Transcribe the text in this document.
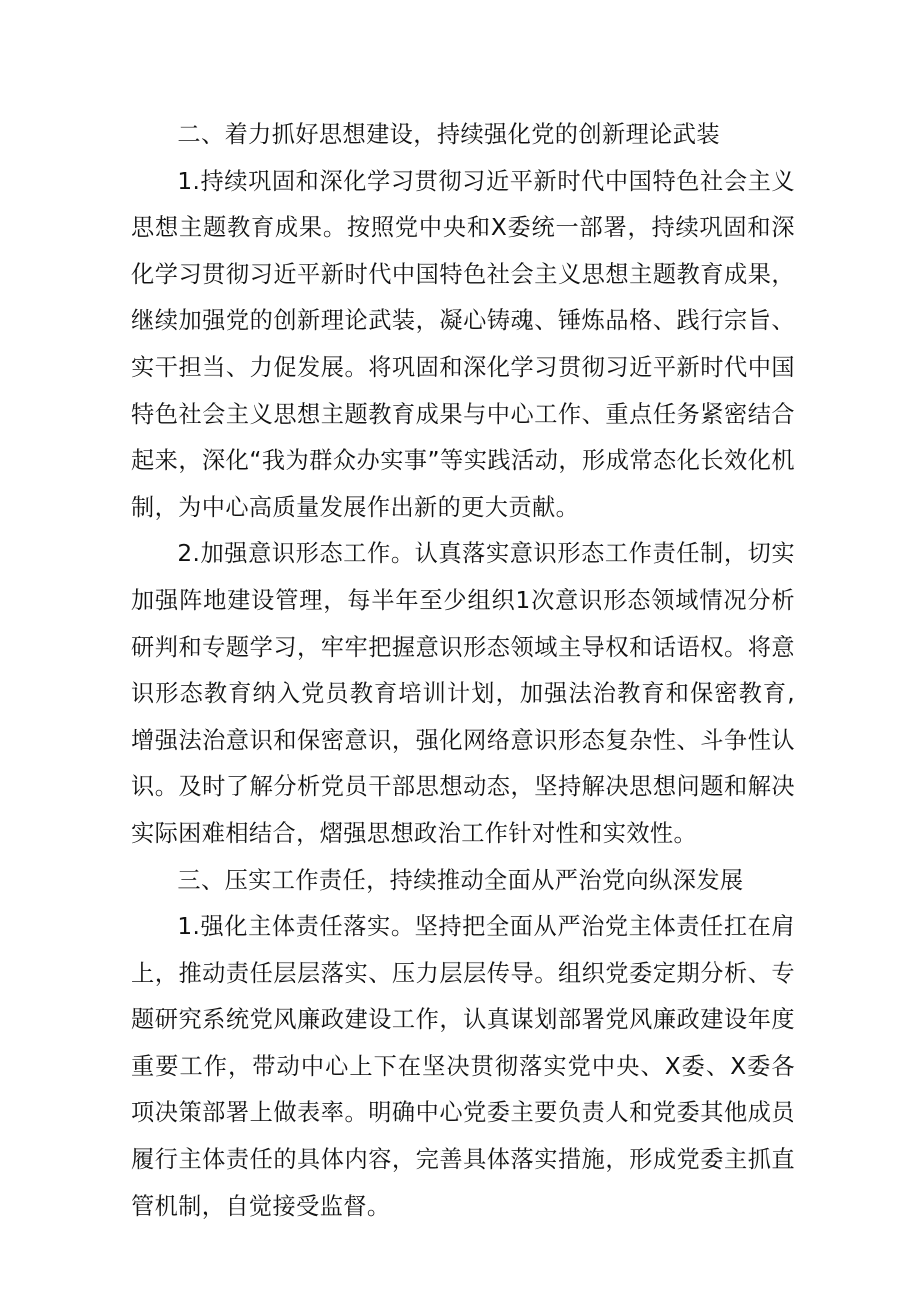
二、着力抓好思想建设，持续强化党的创新理论武装

1.持续巩固和深化学习贯彻习近平新时代中国特色社会主义思想主题教育成果。按照党中央和X委统一部署，持续巩固和深化学习贯彻习近平新时代中国特色社会主义思想主题教育成果，继续加强党的创新理论武装，凝心铸魂、锤炼品格、践行宗旨、实干担当、力促发展。将巩固和深化学习贯彻习近平新时代中国特色社会主义思想主题教育成果与中心工作、重点任务紧密结合起来，深化“我为群众办实事”等实践活动，形成常态化长效化机制，为中心高质量发展作出新的更大贡献。

2.加强意识形态工作。认真落实意识形态工作责任制，切实加强阵地建设管理，每半年至少组织1次意识形态领域情况分析研判和专题学习，牢牢把握意识形态领域主导权和话语权。将意识形态教育纳入党员教育培训计划，加强法治教育和保密教育,增强法治意识和保密意识，强化网络意识形态复杂性、斗争性认识。及时了解分析党员干部思想动态，坚持解决思想问题和解决实际困难相结合，熠强思想政治工作针对性和实效性。

三、压实工作责任，持续推动全面从严治党向纵深发展

1.强化主体责任落实。坚持把全面从严治党主体责任扛在肩上，推动责任层层落实、压力层层传导。组织党委定期分析、专题研究系统党风廉政建设工作，认真谋划部署党风廉政建设年度重要工作，带动中心上下在坚决贯彻落实党中央、X委、X委各项决策部署上做表率。明确中心党委主要负责人和党委其他成员履行主体责任的具体内容，完善具体落实措施，形成党委主抓直管机制，自觉接受监督。
